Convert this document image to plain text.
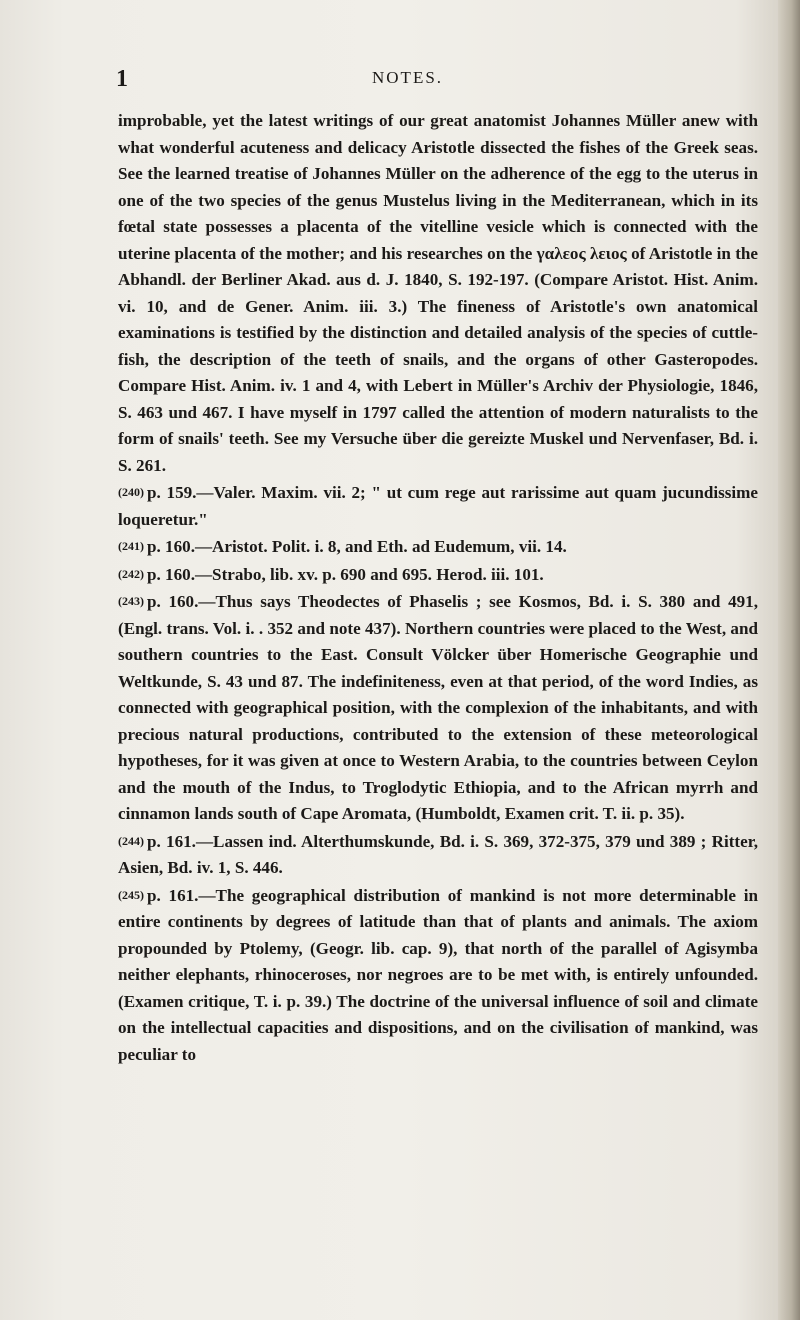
1	NOTES.

improbable, yet the latest writings of our great anatomist Johannes Müller anew with what wonderful acuteness and delicacy Aristotle dissected the fishes of the Greek seas. See the learned treatise of Johannes Müller on the adherence of the egg to the uterus in one of the two species of the genus Mustelus living in the Mediterranean, which in its fœtal state possesses a placenta of the vitelline vesicle which is connected with the uterine placenta of the mother; and his researches on the γαλεος λειος of Aristotle in the Abhandl. der Berliner Akad. aus d. J. 1840, S. 192-197. (Compare Aristot. Hist. Anim. vi. 10, and de Gener. Anim. iii. 3.) The fineness of Aristotle's own anatomical examinations is testified by the distinction and detailed analysis of the species of cuttle-fish, the description of the teeth of snails, and the organs of other Gasteropodes. Compare Hist. Anim. iv. 1 and 4, with Lebert in Müller's Archiv der Physiologie, 1846, S. 463 und 467. I have myself in 1797 called the attention of modern naturalists to the form of snails' teeth. See my Versuche über die gereizte Muskel und Nervenfaser, Bd. i. S. 261.

(240) p. 159.—Valer. Maxim. vii. 2; " ut cum rege aut rarissime aut quam jucundissime loqueretur."

(241) p. 160.—Aristot. Polit. i. 8, and Eth. ad Eudemum, vii. 14.

(242) p. 160.—Strabo, lib. xv. p. 690 and 695. Herod. iii. 101.

(243) p. 160.—Thus says Theodectes of Phaselis ; see Kosmos, Bd. i. S. 380 and 491, (Engl. trans. Vol. i. . 352 and note 437). Northern countries were placed to the West, and southern countries to the East. Consult Völcker über Homerische Geographie und Weltkunde, S. 43 und 87. The indefiniteness, even at that period, of the word Indies, as connected with geographical position, with the complexion of the inhabitants, and with precious natural productions, contributed to the extension of these meteorological hypotheses, for it was given at once to Western Arabia, to the countries between Ceylon and the mouth of the Indus, to Troglodytic Ethiopia, and to the African myrrh and cinnamon lands south of Cape Aromata, (Humboldt, Examen crit. T. ii. p. 35).

(244) p. 161.—Lassen ind. Alterthumskunde, Bd. i. S. 369, 372-375, 379 und 389 ; Ritter, Asien, Bd. iv. 1, S. 446.

(245) p. 161.—The geographical distribution of mankind is not more determinable in entire continents by degrees of latitude than that of plants and animals. The axiom propounded by Ptolemy, (Geogr. lib. cap. 9), that north of the parallel of Agisymba neither elephants, rhinoceroses, nor negroes are to be met with, is entirely unfounded. (Examen critique, T. i. p. 39.) The doctrine of the universal influence of soil and climate on the intellectual capacities and dispositions, and on the civilisation of mankind, was peculiar to
